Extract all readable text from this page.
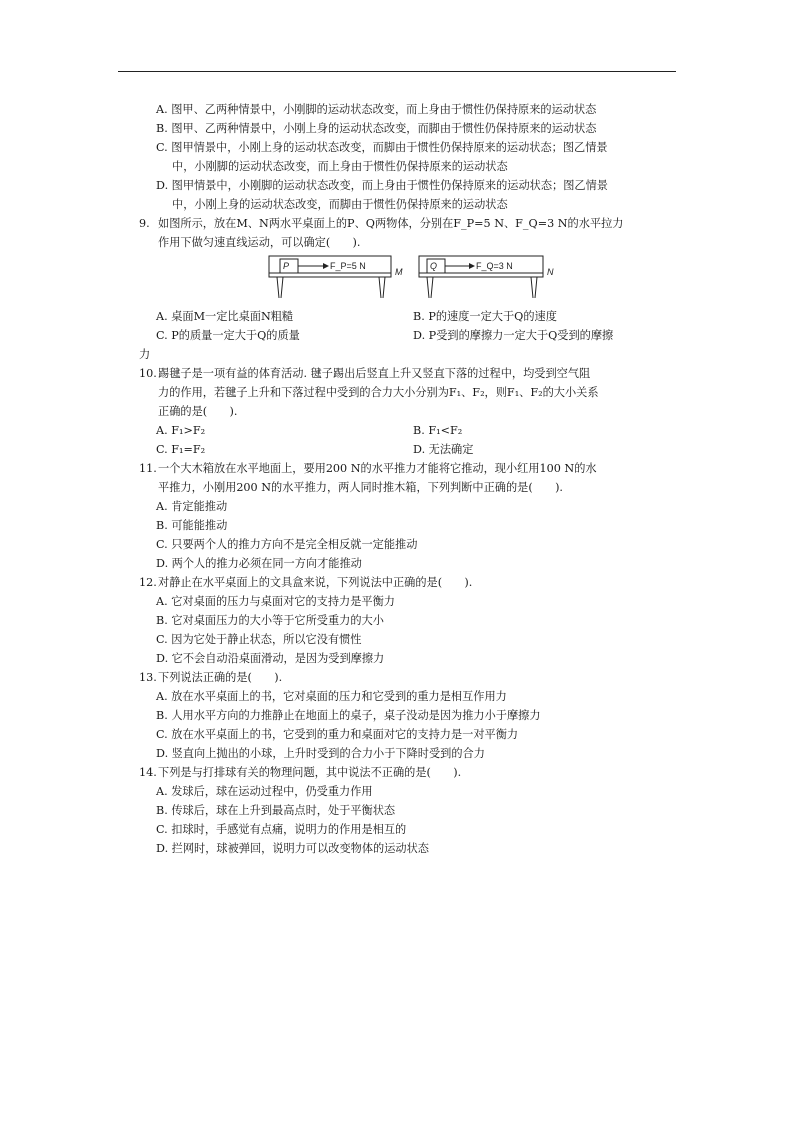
A. 图甲、乙两种情景中，小刚脚的运动状态改变，而上身由于惯性仍保持原来的运动状态
B. 图甲、乙两种情景中，小刚上身的运动状态改变，而脚由于惯性仍保持原来的运动状态
C. 图甲情景中，小刚上身的运动状态改变，而脚由于惯性仍保持原来的运动状态；图乙情景
中，小刚脚的运动状态改变，而上身由于惯性仍保持原来的运动状态
D. 图甲情景中，小刚脚的运动状态改变，而上身由于惯性仍保持原来的运动状态；图乙情景
中，小刚上身的运动状态改变，而脚由于惯性仍保持原来的运动状态
9. 如图所示，放在M、N两水平桌面上的P、Q两物体，分别在F_P=5 N、F_Q=3 N的水平拉力
作用下做匀速直线运动，可以确定(　　).
P	F_P=5 N
M
Q	F_Q=3 N
N
A. 桌面M一定比桌面N粗糙	B. P的速度一定大于Q的速度
C. P的质量一定大于Q的质量	D. P受到的摩擦力一定大于Q受到的摩擦
力
10. 踢毽子是一项有益的体育活动. 毽子踢出后竖直上升又竖直下落的过程中，均受到空气阻
力的作用，若毽子上升和下落过程中受到的合力大小分别为F₁、F₂，则F₁、F₂的大小关系
正确的是(　　).
A. F₁>F₂	B. F₁<F₂
C. F₁=F₂	D. 无法确定
11. 一个大木箱放在水平地面上，要用200 N的水平推力才能将它推动，现小红用100 N的水
平推力，小刚用200 N的水平推力，两人同时推木箱，下列判断中正确的是(　　).
A. 肯定能推动
B. 可能能推动
C. 只要两个人的推力方向不是完全相反就一定能推动
D. 两个人的推力必须在同一方向才能推动
12. 对静止在水平桌面上的文具盒来说，下列说法中正确的是(　　).
A. 它对桌面的压力与桌面对它的支持力是平衡力
B. 它对桌面压力的大小等于它所受重力的大小
C. 因为它处于静止状态，所以它没有惯性
D. 它不会自动沿桌面滑动，是因为受到摩擦力
13. 下列说法正确的是(　　).
A. 放在水平桌面上的书，它对桌面的压力和它受到的重力是相互作用力
B. 人用水平方向的力推静止在地面上的桌子，桌子没动是因为推力小于摩擦力
C. 放在水平桌面上的书，它受到的重力和桌面对它的支持力是一对平衡力
D. 竖直向上抛出的小球，上升时受到的合力小于下降时受到的合力
14. 下列是与打排球有关的物理问题，其中说法不正确的是(　　).
A. 发球后，球在运动过程中，仍受重力作用
B. 传球后，球在上升到最高点时，处于平衡状态
C. 扣球时，手感觉有点痛，说明力的作用是相互的
D. 拦网时，球被弹回，说明力可以改变物体的运动状态
